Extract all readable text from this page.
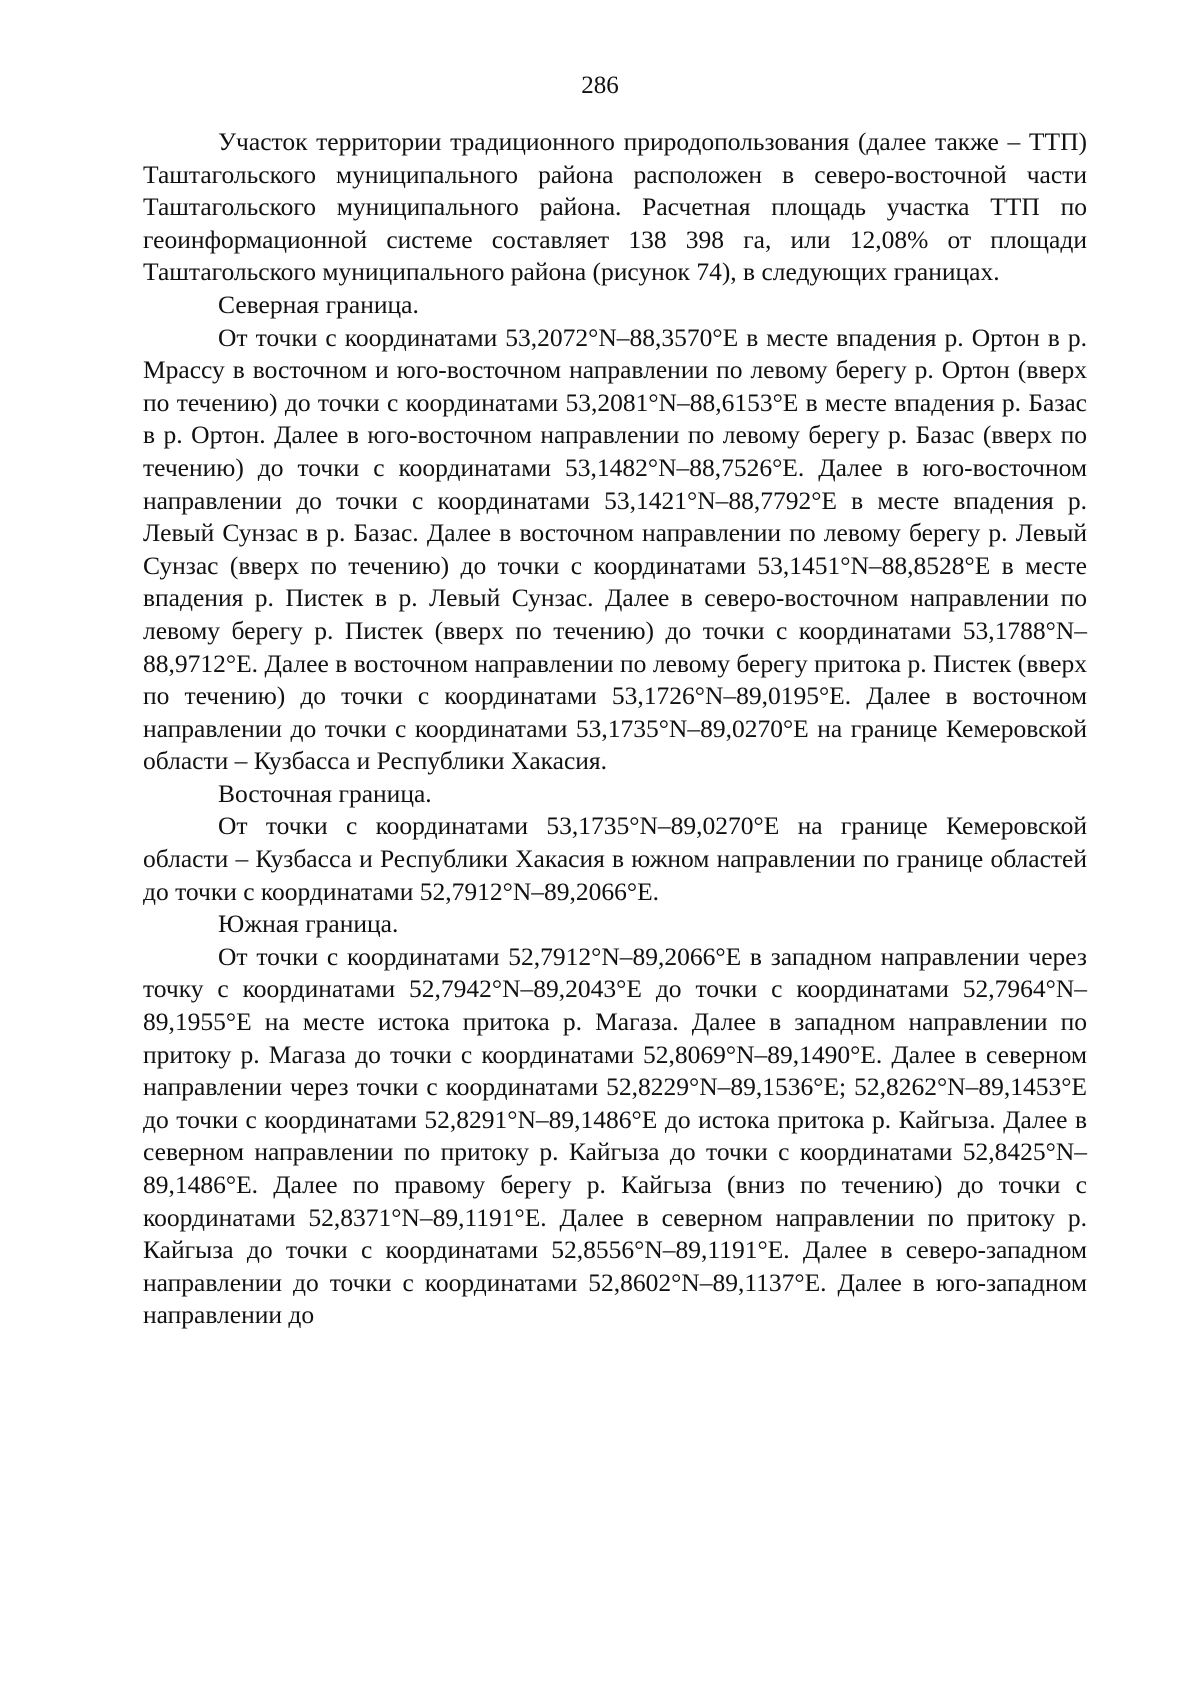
286

Участок территории традиционного природопользования (далее также – ТТП) Таштагольского муниципального района расположен в северо-восточной части Таштагольского муниципального района. Расчетная площадь участка ТТП по геоинформационной системе составляет 138 398 га, или 12,08% от площади Таштагольского муниципального района (рисунок 74), в следующих границах.

Северная граница.

От точки с координатами 53,2072°N–88,3570°E в месте впадения р. Ортон в р. Мрассу в восточном и юго-восточном направлении по левому берегу р. Ортон (вверх по течению) до точки с координатами 53,2081°N–88,6153°E в месте впадения р. Базас в р. Ортон. Далее в юго-восточном направлении по левому берегу р. Базас (вверх по течению) до точки с координатами 53,1482°N–88,7526°E. Далее в юго-восточном направлении до точки с координатами 53,1421°N–88,7792°E в месте впадения р. Левый Сунзас в р. Базас. Далее в восточном направлении по левому берегу р. Левый Сунзас (вверх по течению) до точки с координатами 53,1451°N–88,8528°E в месте впадения р. Пистек в р. Левый Сунзас. Далее в северо-восточном направлении по левому берегу р. Пистек (вверх по течению) до точки с координатами 53,1788°N–88,9712°E. Далее в восточном направлении по левому берегу притока р. Пистек (вверх по течению) до точки с координатами 53,1726°N–89,0195°E. Далее в восточном направлении до точки с координатами 53,1735°N–89,0270°E на границе Кемеровской области – Кузбасса и Республики Хакасия.

Восточная граница.

От точки с координатами 53,1735°N–89,0270°E на границе Кемеровской области – Кузбасса и Республики Хакасия в южном направлении по границе областей до точки с координатами 52,7912°N–89,2066°E.

Южная граница.

От точки с координатами 52,7912°N–89,2066°E в западном направлении через точку с координатами 52,7942°N–89,2043°E до точки с координатами 52,7964°N–89,1955°E на месте истока притока р. Магаза. Далее в западном направлении по притоку р. Магаза до точки с координатами 52,8069°N–89,1490°E. Далее в северном направлении через точки с координатами 52,8229°N–89,1536°E; 52,8262°N–89,1453°E до точки с координатами 52,8291°N–89,1486°E до истока притока р. Кайгыза. Далее в северном направлении по притоку р. Кайгыза до точки с координатами 52,8425°N–89,1486°E. Далее по правому берегу р. Кайгыза (вниз по течению) до точки с координатами 52,8371°N–89,1191°E. Далее в северном направлении по притоку р. Кайгыза до точки с координатами 52,8556°N–89,1191°E. Далее в северо-западном направлении до точки с координатами 52,8602°N–89,1137°E. Далее в юго-западном направлении до
